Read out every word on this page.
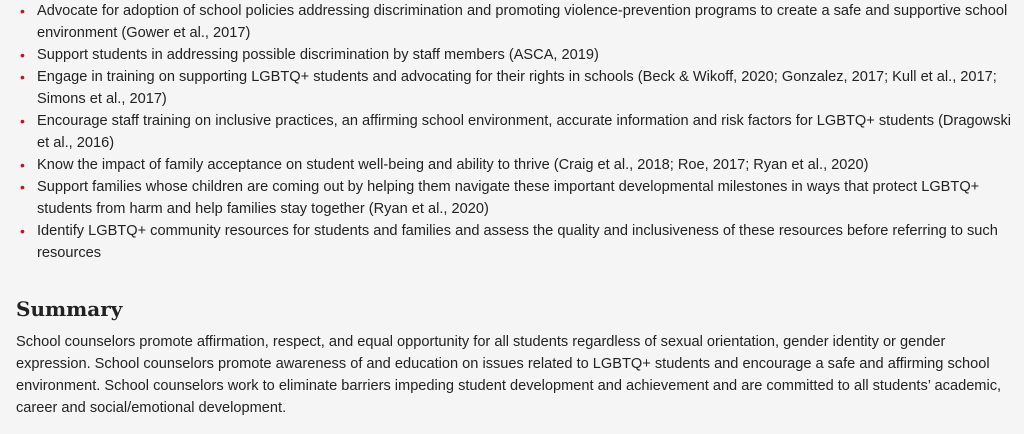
• Advocate for adoption of school policies addressing discrimination and promoting violence-prevention programs to create a safe and supportive school environment (Gower et al., 2017)
• Support students in addressing possible discrimination by staff members (ASCA, 2019)
• Engage in training on supporting LGBTQ+ students and advocating for their rights in schools (Beck & Wikoff, 2020; Gonzalez, 2017; Kull et al., 2017; Simons et al., 2017)
• Encourage staff training on inclusive practices, an affirming school environment, accurate information and risk factors for LGBTQ+ students (Dragowski et al., 2016)
• Know the impact of family acceptance on student well-being and ability to thrive (Craig et al., 2018; Roe, 2017; Ryan et al., 2020)
• Support families whose children are coming out by helping them navigate these important developmental milestones in ways that protect LGBTQ+ students from harm and help families stay together (Ryan et al., 2020)
• Identify LGBTQ+ community resources for students and families and assess the quality and inclusiveness of these resources before referring to such resources
Summary

School counselors promote affirmation, respect, and equal opportunity for all students regardless of sexual orientation, gender identity or gender expression. School counselors promote awareness of and education on issues related to LGBTQ+ students and encourage a safe and affirming school environment. School counselors work to eliminate barriers impeding student development and achievement and are committed to all students’ academic, career and social/emotional development.
